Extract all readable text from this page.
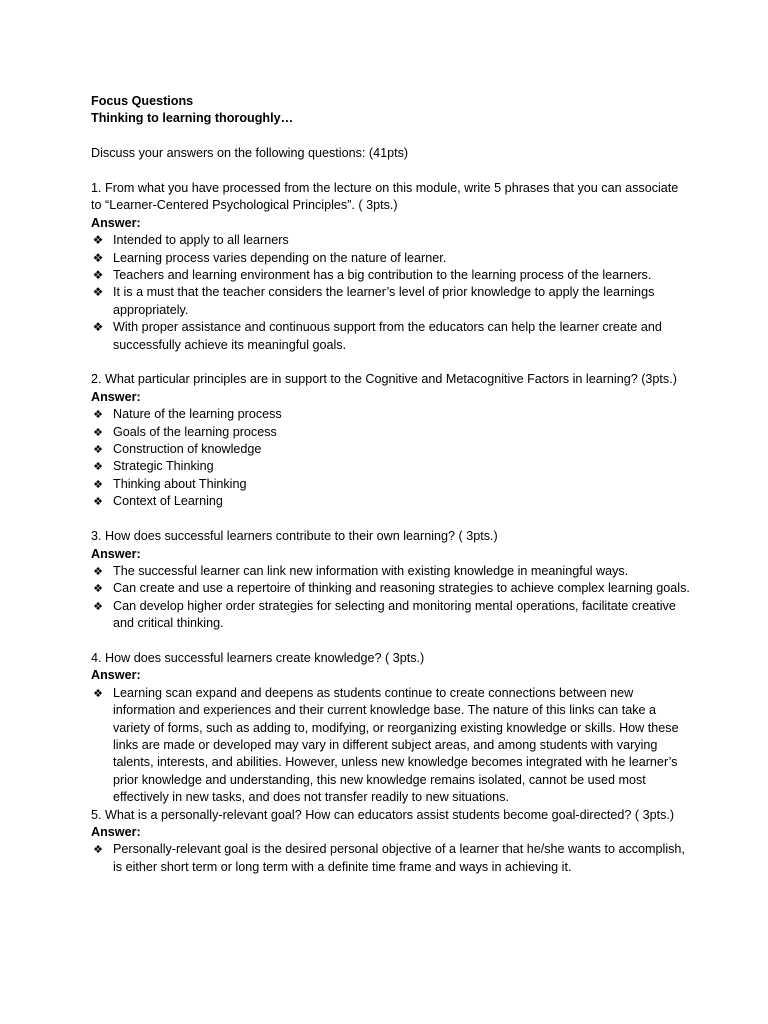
Focus Questions

Thinking to learning thoroughly…

Discuss your answers on the following questions: (41pts)

1. From what you have processed from the lecture on this module, write 5 phrases that you can associate to “Learner-Centered Psychological Principles”. ( 3pts.)

Answer:

❖ Intended to apply to all learners
❖ Learning process varies depending on the nature of learner.
❖ Teachers and learning environment has a big contribution to the learning process of the learners.
❖ It is a must that the teacher considers the learner’s level of prior knowledge to apply the learnings appropriately.
❖ With proper assistance and continuous support from the educators can help the learner create and successfully achieve its meaningful goals.

2. What particular principles are in support to the Cognitive and Metacognitive Factors in learning? (3pts.)

Answer:

❖ Nature of the learning process
❖ Goals of the learning process
❖ Construction of knowledge
❖ Strategic Thinking
❖ Thinking about Thinking
❖ Context of Learning

3. How does successful learners contribute to their own learning? ( 3pts.)

Answer:

❖ The successful learner can link new information with existing knowledge in meaningful ways.
❖ Can create and use a repertoire of thinking and reasoning strategies to achieve complex learning goals.
❖ Can develop higher order strategies for selecting and monitoring mental operations, facilitate creative and critical thinking.

4. How does successful learners create knowledge? ( 3pts.)

Answer:

❖ Learning scan expand and deepens as students continue to create connections between new information and experiences and their current knowledge base. The nature of this links can take a variety of forms, such as adding to, modifying, or reorganizing existing knowledge or skills. How these links are made or developed may vary in different subject areas, and among students with varying talents, interests, and abilities. However, unless new knowledge becomes integrated with he learner’s prior knowledge and understanding, this new knowledge remains isolated, cannot be used most effectively in new tasks, and does not transfer readily to new situations.

5. What is a personally-relevant goal? How can educators assist students become goal-directed? ( 3pts.)

Answer:

❖ Personally-relevant goal is the desired personal objective of a learner that he/she wants to accomplish, is either short term or long term with a definite time frame and ways in achieving it.
